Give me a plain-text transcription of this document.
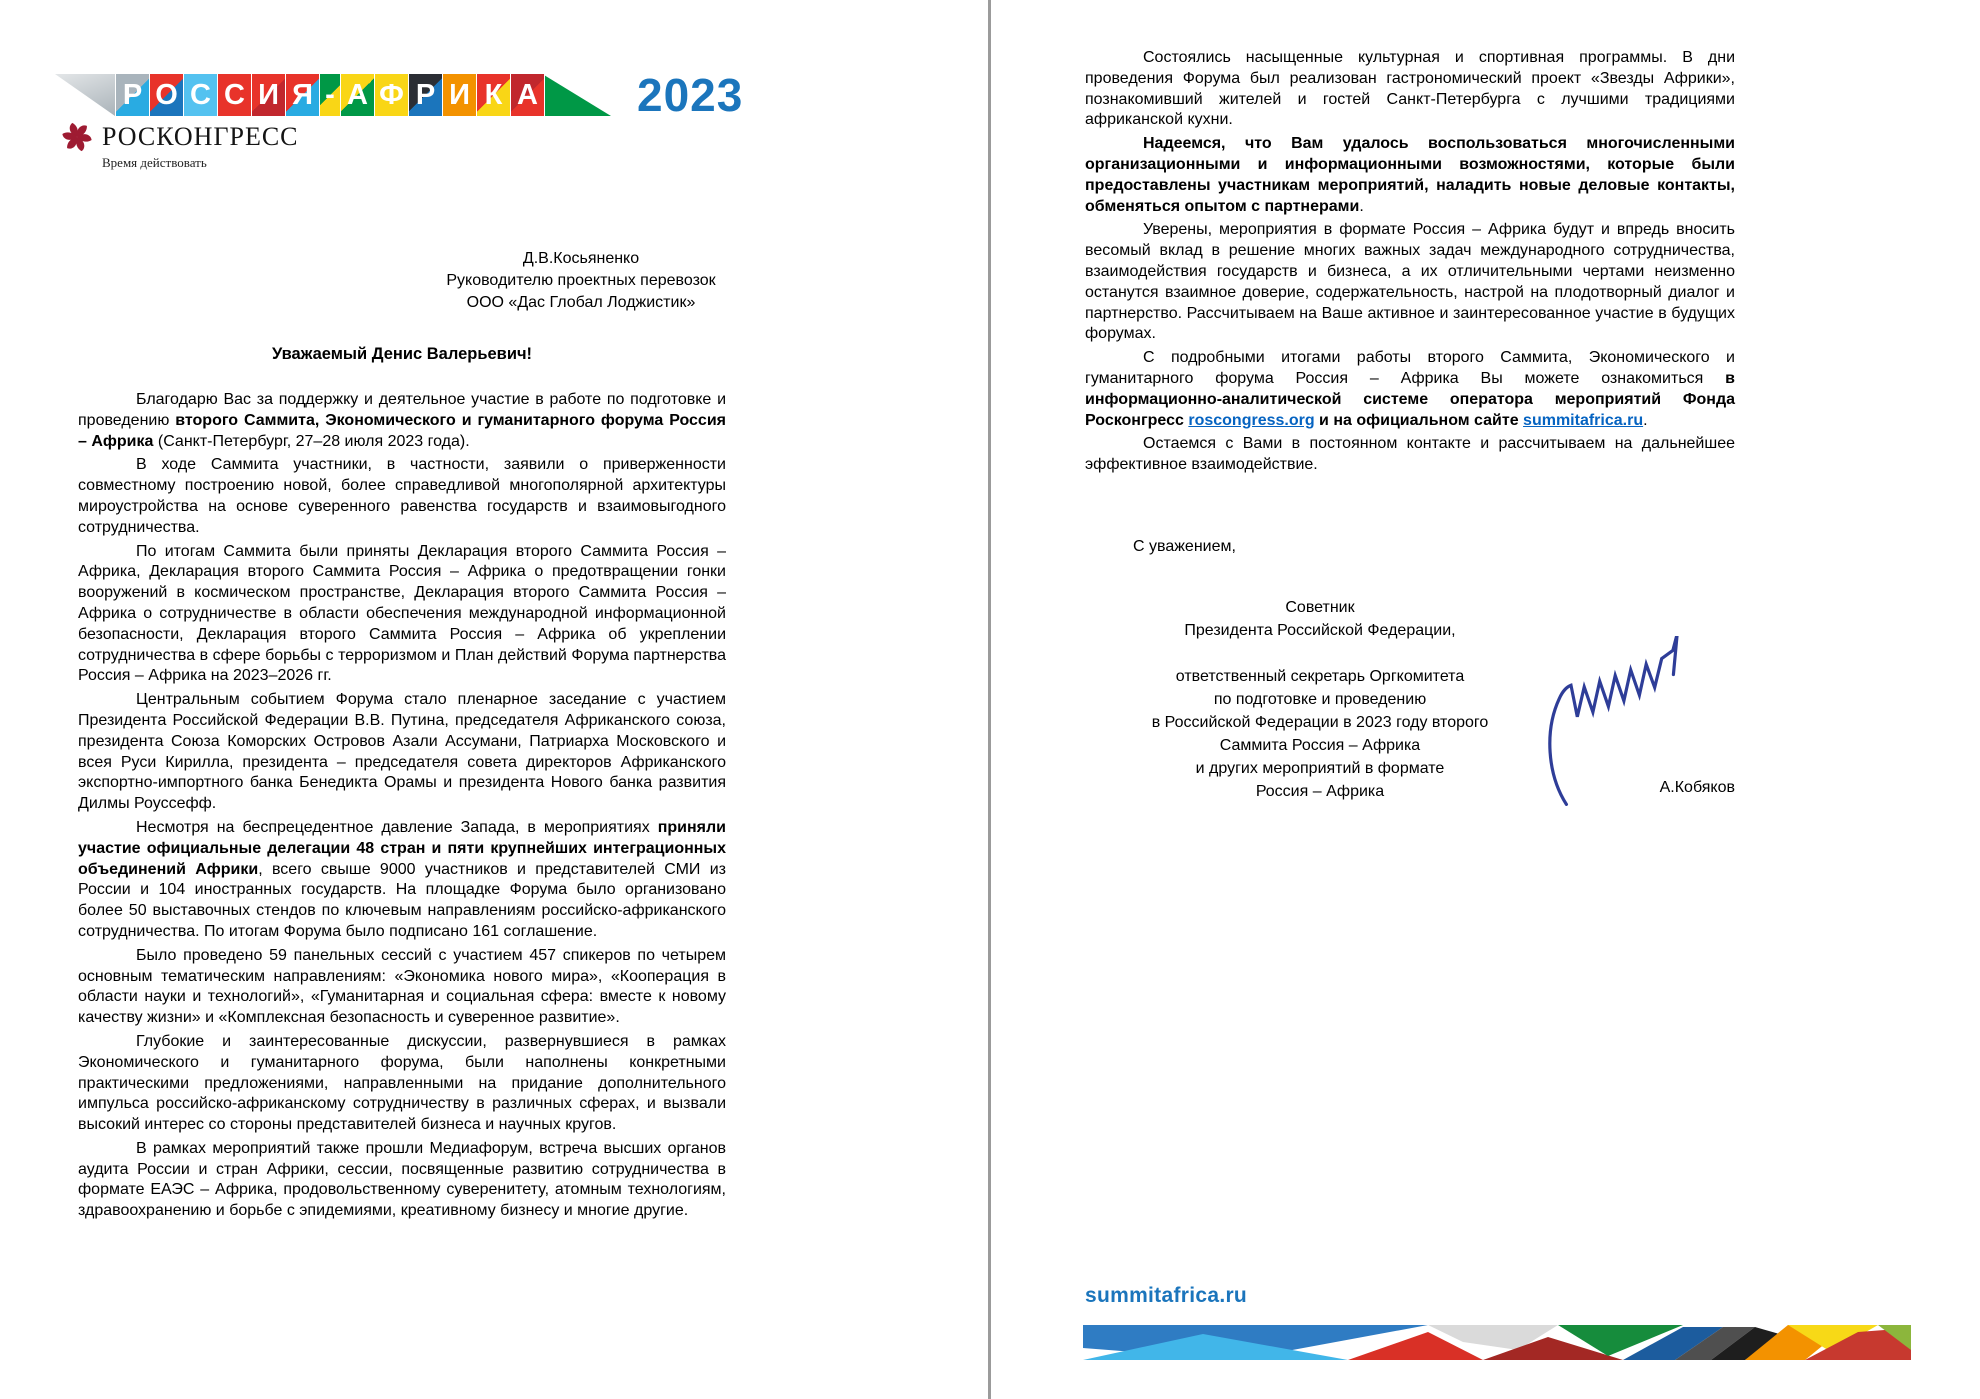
Р О С С И Я - А Ф Р И К А 2023
РОСКОНГРЕСС
Время действовать
Д.В.Косьяненко
Руководителю проектных перевозок
ООО «Дас Глобал Лоджистик»
Уважаемый Денис Валерьевич!

Благодарю Вас за поддержку и деятельное участие в работе по подготовке и проведению второго Саммита, Экономического и гуманитарного форума Россия – Африка (Санкт-Петербург, 27–28 июля 2023 года).

В ходе Саммита участники, в частности, заявили о приверженности совместному построению новой, более справедливой многополярной архитектуры мироустройства на основе суверенного равенства государств и взаимовыгодного сотрудничества.

По итогам Саммита были приняты Декларация второго Саммита Россия – Африка, Декларация второго Саммита Россия – Африка о предотвращении гонки вооружений в космическом пространстве, Декларация второго Саммита Россия – Африка о сотрудничестве в области обеспечения международной информационной безопасности, Декларация второго Саммита Россия – Африка об укреплении сотрудничества в сфере борьбы с терроризмом и План действий Форума партнерства Россия – Африка на 2023–2026 гг.

Центральным событием Форума стало пленарное заседание с участием Президента Российской Федерации В.В. Путина, председателя Африканского союза, президента Союза Коморских Островов Азали Ассумани, Патриарха Московского и всея Руси Кирилла, президента – председателя совета директоров Африканского экспортно-импортного банка Бенедикта Орамы и президента Нового банка развития Дилмы Роуссефф.

Несмотря на беспрецедентное давление Запада, в мероприятиях приняли участие официальные делегации 48 стран и пяти крупнейших интеграционных объединений Африки, всего свыше 9000 участников и представителей СМИ из России и 104 иностранных государств. На площадке Форума было организовано более 50 выставочных стендов по ключевым направлениям российско-африканского сотрудничества. По итогам Форума было подписано 161 соглашение.

Было проведено 59 панельных сессий с участием 457 спикеров по четырем основным тематическим направлениям: «Экономика нового мира», «Кооперация в области науки и технологий», «Гуманитарная и социальная сфера: вместе к новому качеству жизни» и «Комплексная безопасность и суверенное развитие».

Глубокие и заинтересованные дискуссии, развернувшиеся в рамках Экономического и гуманитарного форума, были наполнены конкретными практическими предложениями, направленными на придание дополнительного импульса российско-африканскому сотрудничеству в различных сферах, и вызвали высокий интерес со стороны представителей бизнеса и научных кругов.

В рамках мероприятий также прошли Медиафорум, встреча высших органов аудита России и стран Африки, сессии, посвященные развитию сотрудничества в формате ЕАЭС – Африка, продовольственному суверенитету, атомным технологиям, здравоохранению и борьбе с эпидемиями, креативному бизнесу и многие другие.

Состоялись насыщенные культурная и спортивная программы. В дни проведения Форума был реализован гастрономический проект «Звезды Африки», познакомивший жителей и гостей Санкт-Петербурга с лучшими традициями африканской кухни.

Надеемся, что Вам удалось воспользоваться многочисленными организационными и информационными возможностями, которые были предоставлены участникам мероприятий, наладить новые деловые контакты, обменяться опытом с партнерами.

Уверены, мероприятия в формате Россия – Африка будут и впредь вносить весомый вклад в решение многих важных задач международного сотрудничества, взаимодействия государств и бизнеса, а их отличительными чертами неизменно останутся взаимное доверие, содержательность, настрой на плодотворный диалог и партнерство. Рассчитываем на Ваше активное и заинтересованное участие в будущих форумах.

С подробными итогами работы второго Саммита, Экономического и гуманитарного форума Россия – Африка Вы можете ознакомиться в информационно-аналитической системе оператора мероприятий Фонда Росконгресс roscongress.org и на официальном сайте summitafrica.ru.

Остаемся с Вами в постоянном контакте и рассчитываем на дальнейшее эффективное взаимодействие.

С уважением,
Советник
Президента Российской Федерации,

ответственный секретарь Оргкомитета
по подготовке и проведению
в Российской Федерации в 2023 году второго
Саммита Россия – Африка
и других мероприятий в формате
Россия – Африка	А.Кобяков
summitafrica.ru
